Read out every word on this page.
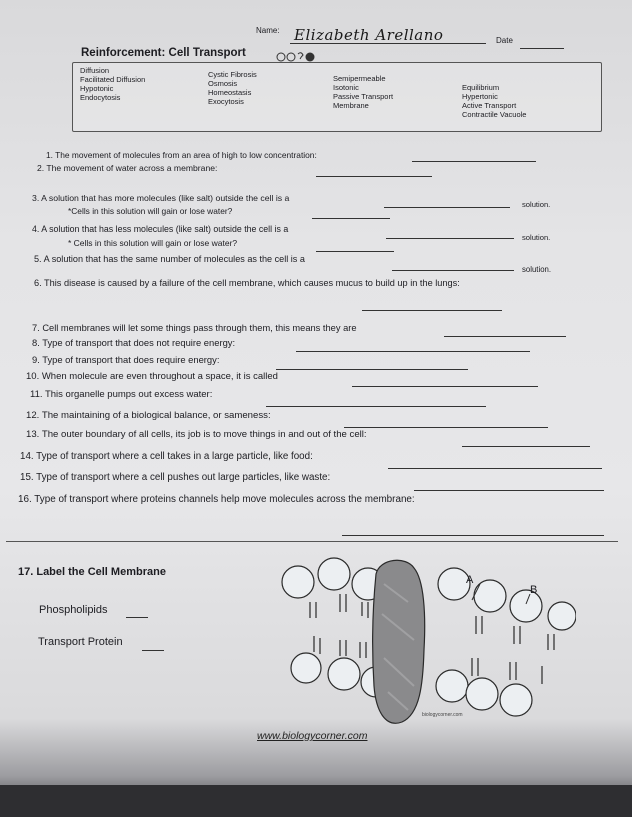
Name: Elizabeth Arellano	Date
Reinforcement: Cell Transport
Diffusion
Facilitated Diffusion
Hypotonic
Endocytosis
Cystic Fibrosis
Osmosis
Homeostasis
Exocytosis
Semipermeable
Isotonic
Passive Transport
Membrane
Equilibrium
Hypertonic
Active Transport
Contractile Vacuole
1. The movement of molecules from an area of high to low concentration:
2. The movement of water across a membrane:
3. A solution that has more molecules (like salt) outside the cell is a
solution.
*Cells in this solution will gain or lose water?
4. A solution that has less molecules (like salt) outside the cell is a
solution.
* Cells in this solution will gain or lose water?
5. A solution that has the same number of molecules as the cell is a
solution.
6. This disease is caused by a failure of the cell membrane, which causes mucus to build up in the lungs:
7. Cell membranes will let some things pass through them, this means they are
8. Type of transport that does not require energy:
9. Type of transport that does require energy:
10. When molecule are even throughout a space, it is called
11. This organelle pumps out excess water:
12. The maintaining of a biological balance, or sameness:
13. The outer boundary of all cells, its job is to move things in and out of the cell:
14. Type of transport where a cell takes in a large particle, like food:
15. Type of transport where a cell pushes out large particles, like waste:
16. Type of transport where proteins channels help move molecules across the membrane:
17. Label the Cell Membrane
Phospholipids
Transport Protein
A
B
biologycorner.com
www.biologycorner.com
